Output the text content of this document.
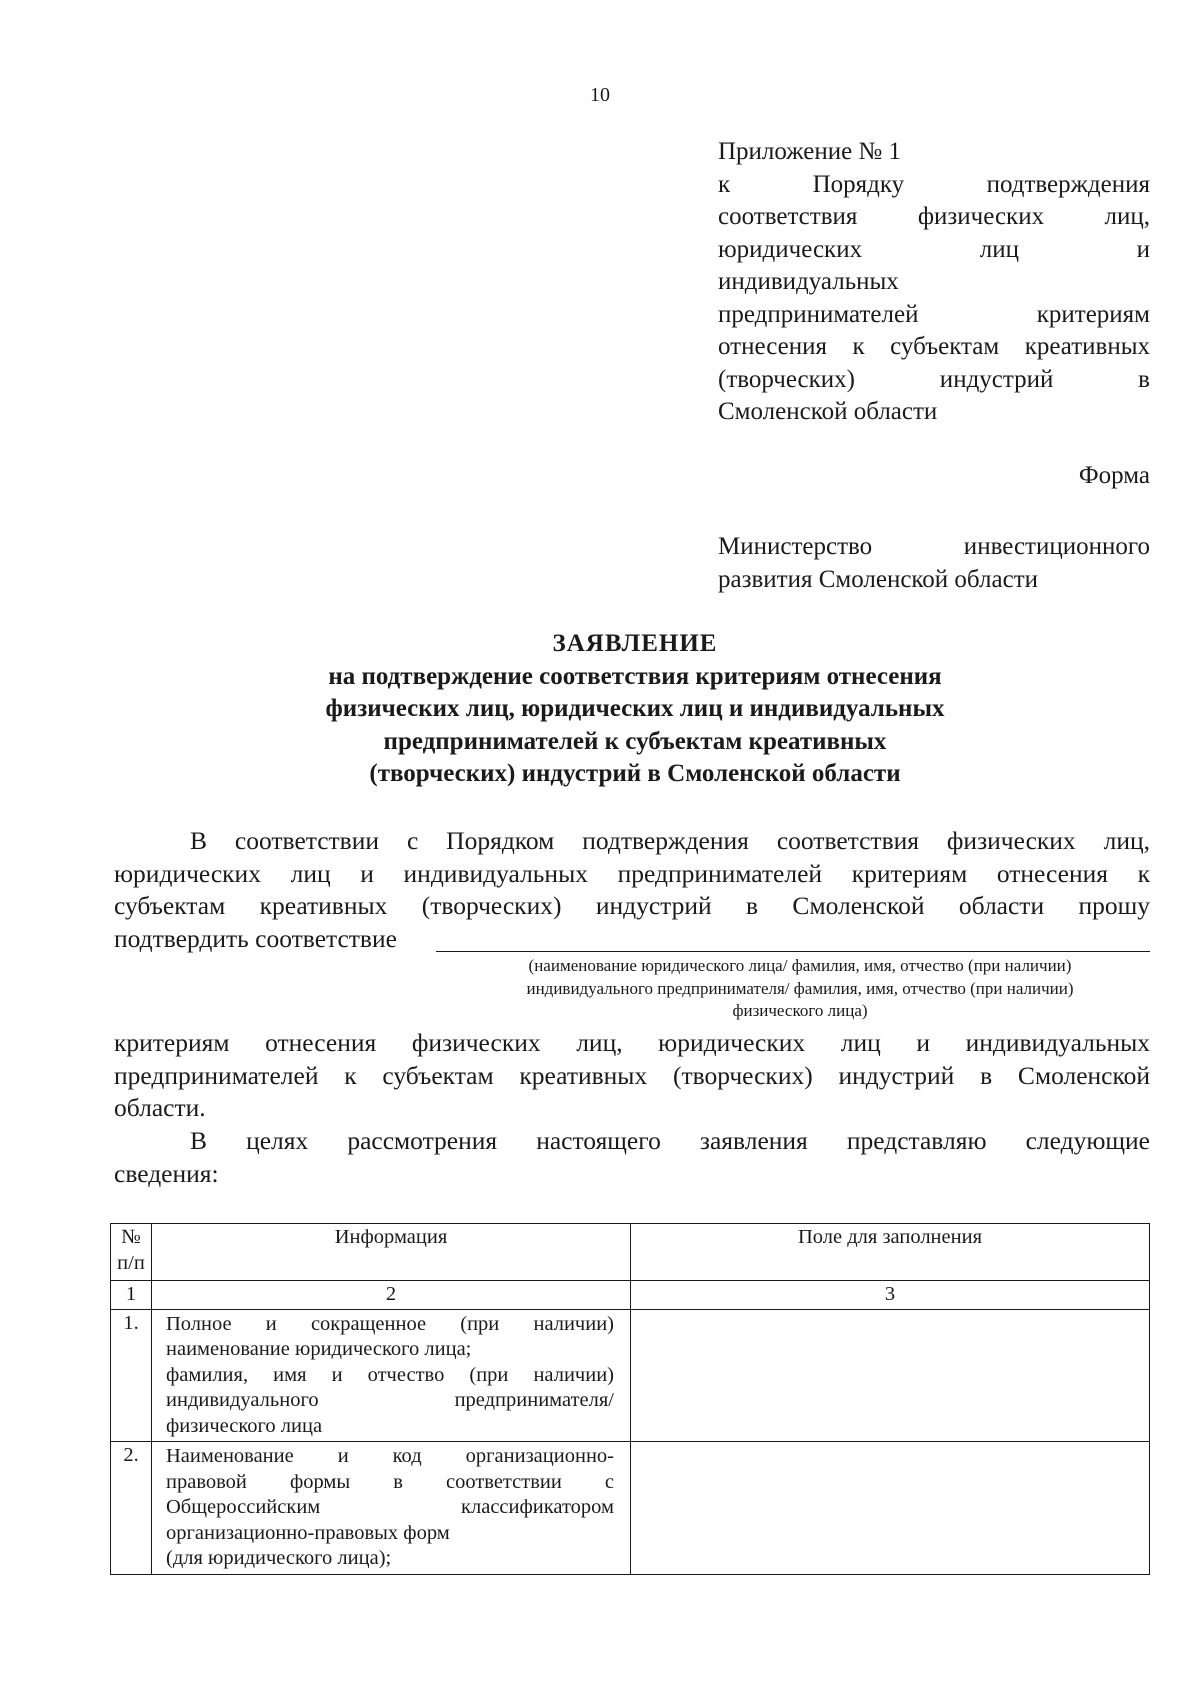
10
Приложение № 1
к Порядку подтверждения
соответствия физических лиц,
юридических лиц и
индивидуальных
предпринимателей критериям
отнесения к субъектам креативных
(творческих) индустрий в
Смоленской области
Форма
Министерство инвестиционного
развития Смоленской области
ЗАЯВЛЕНИЕ
на подтверждение соответствия критериям отнесения
физических лиц, юридических лиц и индивидуальных
предпринимателей к субъектам креативных
(творческих) индустрий в Смоленской области
В соответствии с Порядком подтверждения соответствия физических лиц,
юридических лиц и индивидуальных предпринимателей критериям отнесения к
субъектам креативных (творческих) индустрий в Смоленской области прошу
подтвердить соответствие
(наименование юридического лица/ фамилия, имя, отчество (при наличии)
индивидуального предпринимателя/ фамилия, имя, отчество (при наличии)
физического лица)
критериям отнесения физических лиц, юридических лиц и индивидуальных
предпринимателей к субъектам креативных (творческих) индустрий в Смоленской
области.
В целях рассмотрения настоящего заявления представляю следующие
сведения:
№ п/п	Информация	Поле для заполнения
1	2	3
1.	Полное и сокращенное (при наличии)
наименование юридического лица;
фамилия, имя и отчество (при наличии)
индивидуального предпринимателя/
физического лица	

2.	Наименование и код организационно-
правовой формы в соответствии с
Общероссийским классификатором
организационно-правовых форм
(для юридического лица);	
